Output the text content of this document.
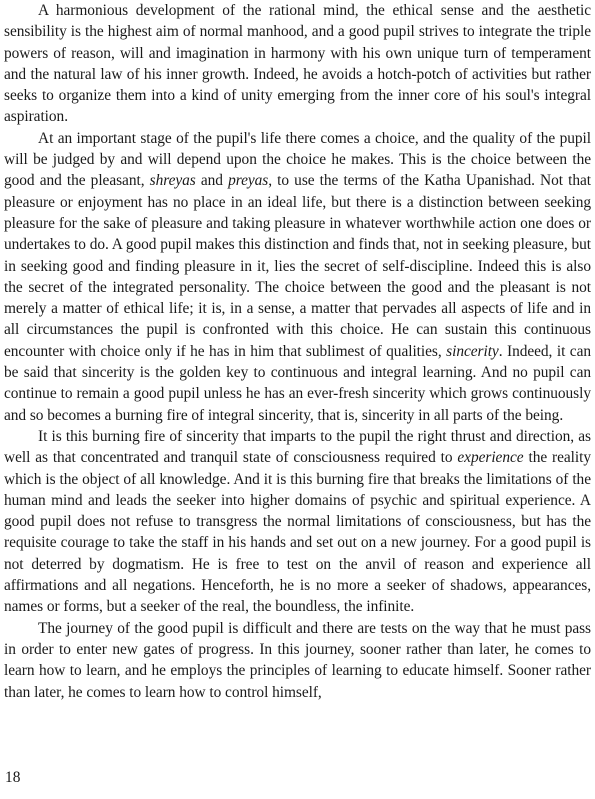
A harmonious development of the rational mind, the ethical sense and the aesthetic sensibility is the highest aim of normal manhood, and a good pupil strives to integrate the triple powers of reason, will and imagination in harmony with his own unique turn of temperament and the natural law of his inner growth. Indeed, he avoids a hotch-potch of activities but rather seeks to organize them into a kind of unity emerging from the inner core of his soul's integral aspiration.

At an important stage of the pupil's life there comes a choice, and the quality of the pupil will be judged by and will depend upon the choice he makes. This is the choice between the good and the pleasant, shreyas and preyas, to use the terms of the Katha Upanishad. Not that pleasure or enjoyment has no place in an ideal life, but there is a distinction between seeking pleasure for the sake of pleasure and taking pleasure in whatever worthwhile action one does or undertakes to do. A good pupil makes this distinction and finds that, not in seeking pleasure, but in seeking good and finding pleasure in it, lies the secret of self-discipline. Indeed this is also the secret of the integrated personality. The choice between the good and the pleasant is not merely a matter of ethical life; it is, in a sense, a matter that pervades all aspects of life and in all circumstances the pupil is confronted with this choice. He can sustain this continuous encounter with choice only if he has in him that sublimest of qualities, sincerity. Indeed, it can be said that sincerity is the golden key to continuous and integral learning. And no pupil can continue to remain a good pupil unless he has an ever-fresh sincerity which grows continuously and so becomes a burning fire of integral sincerity, that is, sincerity in all parts of the being.

It is this burning fire of sincerity that imparts to the pupil the right thrust and direction, as well as that concentrated and tranquil state of consciousness required to experience the reality which is the object of all knowledge. And it is this burning fire that breaks the limitations of the human mind and leads the seeker into higher domains of psychic and spiritual experience. A good pupil does not refuse to transgress the normal limitations of consciousness, but has the requisite courage to take the staff in his hands and set out on a new journey. For a good pupil is not deterred by dogmatism. He is free to test on the anvil of reason and experience all affirmations and all negations. Henceforth, he is no more a seeker of shadows, appearances, names or forms, but a seeker of the real, the boundless, the infinite.

The journey of the good pupil is difficult and there are tests on the way that he must pass in order to enter new gates of progress. In this journey, sooner rather than later, he comes to learn how to learn, and he employs the principles of learning to educate himself. Sooner rather than later, he comes to learn how to control himself,

18
